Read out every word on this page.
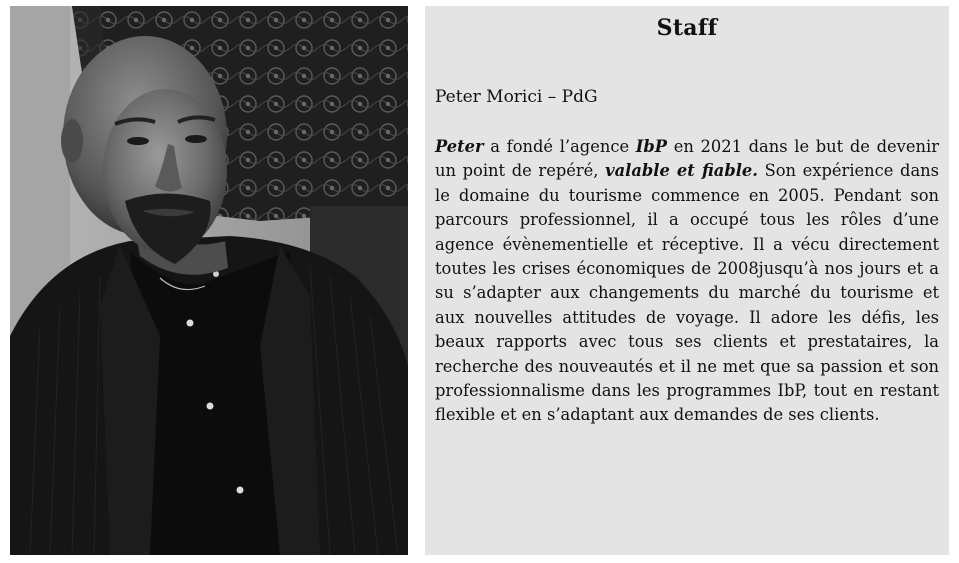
Staff

Peter Morici – PdG

Peter a fondé l’agence IbP en 2021 dans le but de devenir un point de repéré, valable et fiable. Son expérience dans le domaine du tourisme commence en 2005. Pendant son parcours professionnel, il a occupé tous les rôles d’une agence évènementielle et réceptive. Il a vécu directement toutes les crises économiques de 2008jusqu’à nos jours et a su s’adapter aux changements du marché du tourisme et aux nouvelles attitudes de voyage. Il adore les défis, les beaux rapports avec tous ses clients et prestataires, la recherche des nouveautés et il ne met que sa passion et son professionnalisme dans les programmes IbP, tout en restant flexible et en s’adaptant aux demandes de ses clients.
